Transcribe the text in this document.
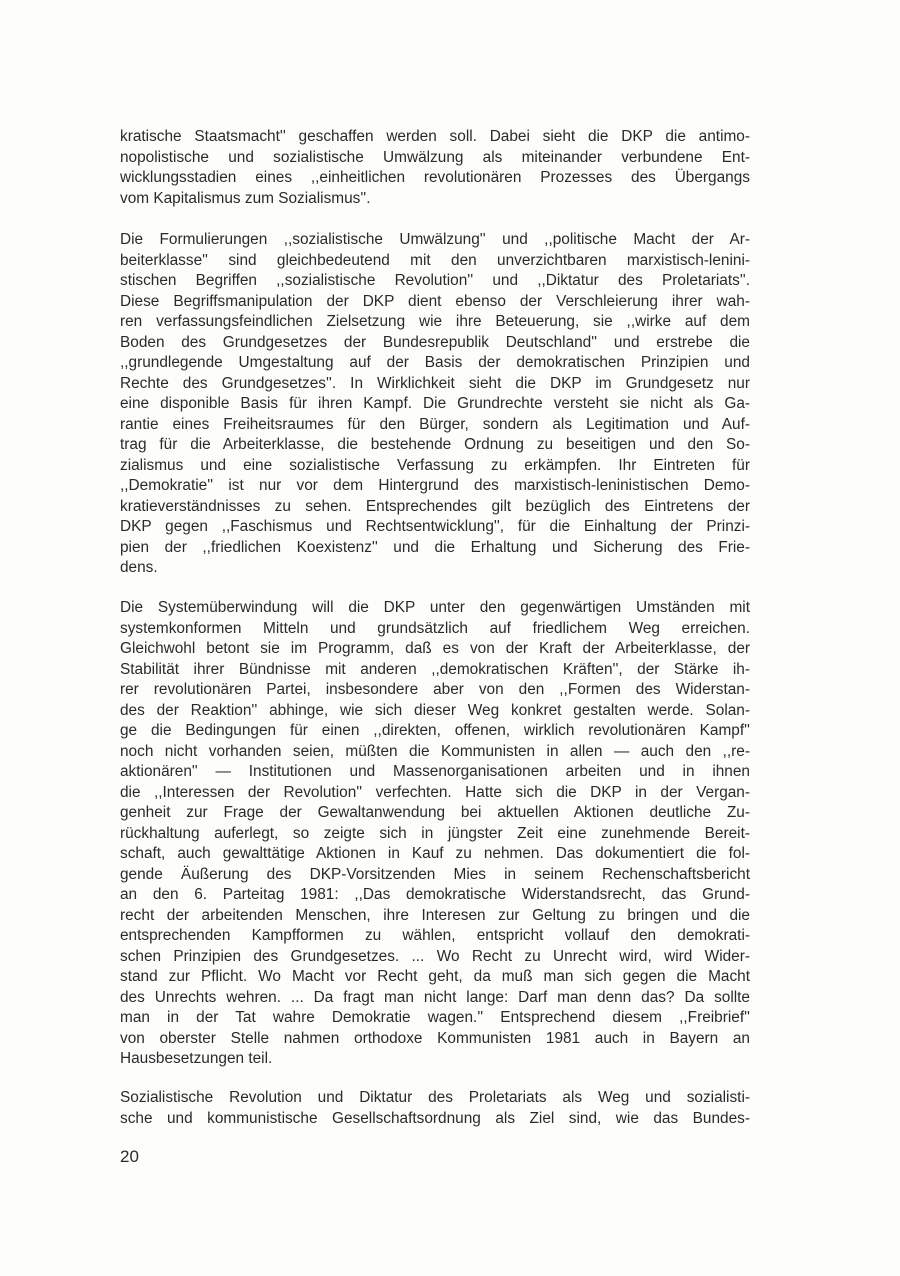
kratische Staatsmacht'' geschaffen werden soll. Dabei sieht die DKP die antimo-
nopolistische und sozialistische Umwälzung als miteinander verbundene Ent-
wicklungsstadien eines ,,einheitlichen revolutionären Prozesses des Übergangs
vom Kapitalismus zum Sozialismus''.
Die Formulierungen ,,sozialistische Umwälzung'' und ,,politische Macht der Ar-
beiterklasse'' sind gleichbedeutend mit den unverzichtbaren marxistisch-lenini-
stischen Begriffen ,,sozialistische Revolution'' und ,,Diktatur des Proletariats''.
Diese Begriffsmanipulation der DKP dient ebenso der Verschleierung ihrer wah-
ren verfassungsfeindlichen Zielsetzung wie ihre Beteuerung, sie ,,wirke auf dem
Boden des Grundgesetzes der Bundesrepublik Deutschland'' und erstrebe die
,,grundlegende Umgestaltung auf der Basis der demokratischen Prinzipien und
Rechte des Grundgesetzes''. In Wirklichkeit sieht die DKP im Grundgesetz nur
eine disponible Basis für ihren Kampf. Die Grundrechte versteht sie nicht als Ga-
rantie eines Freiheitsraumes für den Bürger, sondern als Legitimation und Auf-
trag für die Arbeiterklasse, die bestehende Ordnung zu beseitigen und den So-
zialismus und eine sozialistische Verfassung zu erkämpfen. Ihr Eintreten für
,,Demokratie'' ist nur vor dem Hintergrund des marxistisch-leninistischen Demo-
kratieverständnisses zu sehen. Entsprechendes gilt bezüglich des Eintretens der
DKP gegen ,,Faschismus und Rechtsentwicklung'', für die Einhaltung der Prinzi-
pien der ,,friedlichen Koexistenz'' und die Erhaltung und Sicherung des Frie-
dens.
Die Systemüberwindung will die DKP unter den gegenwärtigen Umständen mit
systemkonformen Mitteln und grundsätzlich auf friedlichem Weg erreichen.
Gleichwohl betont sie im Programm, daß es von der Kraft der Arbeiterklasse, der
Stabilität ihrer Bündnisse mit anderen ,,demokratischen Kräften'', der Stärke ih-
rer revolutionären Partei, insbesondere aber von den ,,Formen des Widerstan-
des der Reaktion'' abhinge, wie sich dieser Weg konkret gestalten werde. Solan-
ge die Bedingungen für einen ,,direkten, offenen, wirklich revolutionären Kampf''
noch nicht vorhanden seien, müßten die Kommunisten in allen — auch den ,,re-
aktionären'' — Institutionen und Massenorganisationen arbeiten und in ihnen
die ,,Interessen der Revolution'' verfechten. Hatte sich die DKP in der Vergan-
genheit zur Frage der Gewaltanwendung bei aktuellen Aktionen deutliche Zu-
rückhaltung auferlegt, so zeigte sich in jüngster Zeit eine zunehmende Bereit-
schaft, auch gewalttätige Aktionen in Kauf zu nehmen. Das dokumentiert die fol-
gende Äußerung des DKP-Vorsitzenden Mies in seinem Rechenschaftsbericht
an den 6. Parteitag 1981: ,,Das demokratische Widerstandsrecht, das Grund-
recht der arbeitenden Menschen, ihre Interesen zur Geltung zu bringen und die
entsprechenden Kampfformen zu wählen, entspricht vollauf den demokrati-
schen Prinzipien des Grundgesetzes. ... Wo Recht zu Unrecht wird, wird Wider-
stand zur Pflicht. Wo Macht vor Recht geht, da muß man sich gegen die Macht
des Unrechts wehren. ... Da fragt man nicht lange: Darf man denn das? Da sollte
man in der Tat wahre Demokratie wagen.'' Entsprechend diesem ,,Freibrief''
von oberster Stelle nahmen orthodoxe Kommunisten 1981 auch in Bayern an
Hausbesetzungen teil.
Sozialistische Revolution und Diktatur des Proletariats als Weg und sozialisti-
sche und kommunistische Gesellschaftsordnung als Ziel sind, wie das Bundes-
20
